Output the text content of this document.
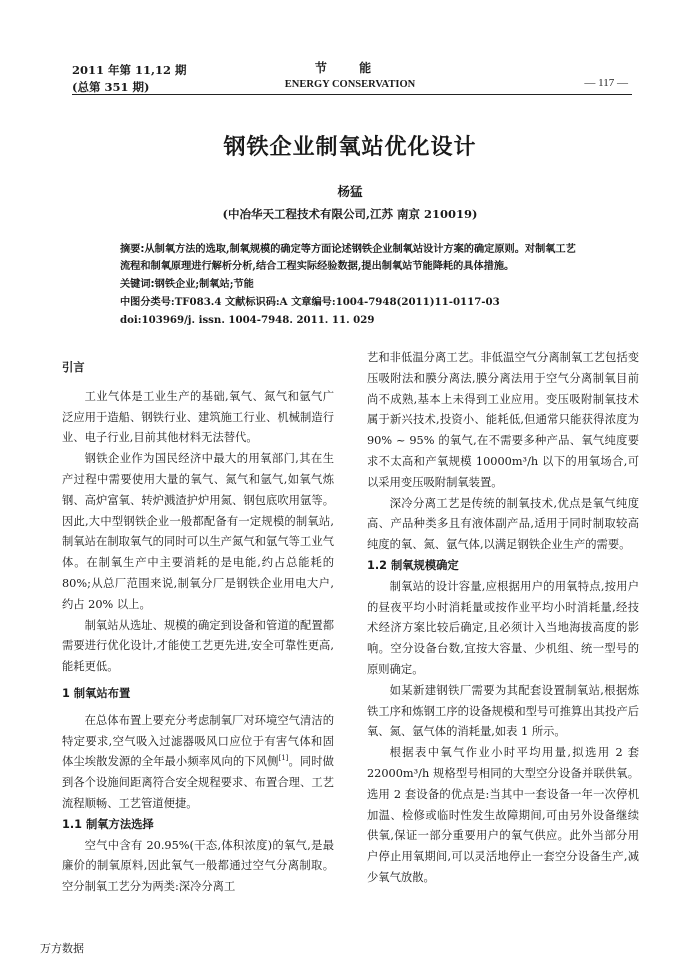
2011 年第 11,12 期
(总第 351 期)
节 能
ENERGY CONSERVATION	— 117 —
钢铁企业制氧站优化设计
杨猛
(中冶华天工程技术有限公司,江苏 南京 210019)
摘要:从制氧方法的选取,制氧规模的确定等方面论述钢铁企业制氧站设计方案的确定原则。对制氧工艺流程和制氧原理进行解析分析,结合工程实际经验数据,提出制氧站节能降耗的具体措施。
关键词:钢铁企业;制氧站;节能
中图分类号:TF083.4 文献标识码:A 文章编号:1004-7948(2011)11-0117-03
doi:103969/j. issn. 1004-7948. 2011. 11. 029
引言

工业气体是工业生产的基础,氧气、氮气和氩气广泛应用于造船、钢铁行业、建筑施工行业、机械制造行业、电子行业,目前其他材料无法替代。

钢铁企业作为国民经济中最大的用氧部门,其在生产过程中需要使用大量的氧气、氮气和氩气,如氧气炼钢、高炉富氧、转炉溅渣护炉用氮、钢包底吹用氩等。因此,大中型钢铁企业一般都配备有一定规模的制氧站,制氧站在制取氧气的同时可以生产氮气和氩气等工业气体。在制氧生产中主要消耗的是电能,约占总能耗的 80%;从总厂范围来说,制氧分厂是钢铁企业用电大户,约占 20% 以上。

制氧站从选址、规模的确定到设备和管道的配置都需要进行优化设计,才能使工艺更先进,安全可靠性更高,能耗更低。

1 制氧站布置

在总体布置上要充分考虑制氧厂对环境空气清洁的特定要求,空气吸入过滤器吸风口应位于有害气体和固体尘埃散发源的全年最小频率风向的下风侧[1]。同时做到各个设施间距离符合安全规程要求、布置合理、工艺流程顺畅、工艺管道便捷。

1.1 制氧方法选择

空气中含有 20.95%(干态,体积浓度)的氧气,是最廉价的制氧原料,因此氧气一般都通过空气分离制取。空分制氧工艺分为两类:深冷分离工

艺和非低温分离工艺。非低温空气分离制氧工艺包括变压吸附法和膜分离法,膜分离法用于空气分离制氧目前尚不成熟,基本上未得到工业应用。变压吸附制氧技术属于新兴技术,投资小、能耗低,但通常只能获得浓度为 90% ~ 95% 的氧气,在不需要多种产品、氧气纯度要求不太高和产氧规模 10000m³/h 以下的用氧场合,可以采用变压吸附制氧装置。

深冷分离工艺是传统的制氧技术,优点是氧气纯度高、产品种类多且有液体副产品,适用于同时制取较高纯度的氧、氮、氩气体,以满足钢铁企业生产的需要。

1.2 制氧规模确定

制氧站的设计容量,应根据用户的用氧特点,按用户的昼夜平均小时消耗量或按作业平均小时消耗量,经技术经济方案比较后确定,且必须计入当地海拔高度的影响。空分设备台数,宜按大容量、少机组、统一型号的原则确定。

如某新建钢铁厂需要为其配套设置制氧站,根据炼铁工序和炼钢工序的设备规模和型号可推算出其投产后氧、氮、氩气体的消耗量,如表 1 所示。

根据表中氧气作业小时平均用量,拟选用 2 套 22000m³/h 规格型号相同的大型空分设备并联供氧。选用 2 套设备的优点是:当其中一套设备一年一次停机加温、检修或临时性发生故障期间,可由另外设备继续供氧,保证一部分重要用户的氧气供应。此外当部分用户停止用氧期间,可以灵活地停止一套空分设备生产,减少氧气放散。

万方数据
